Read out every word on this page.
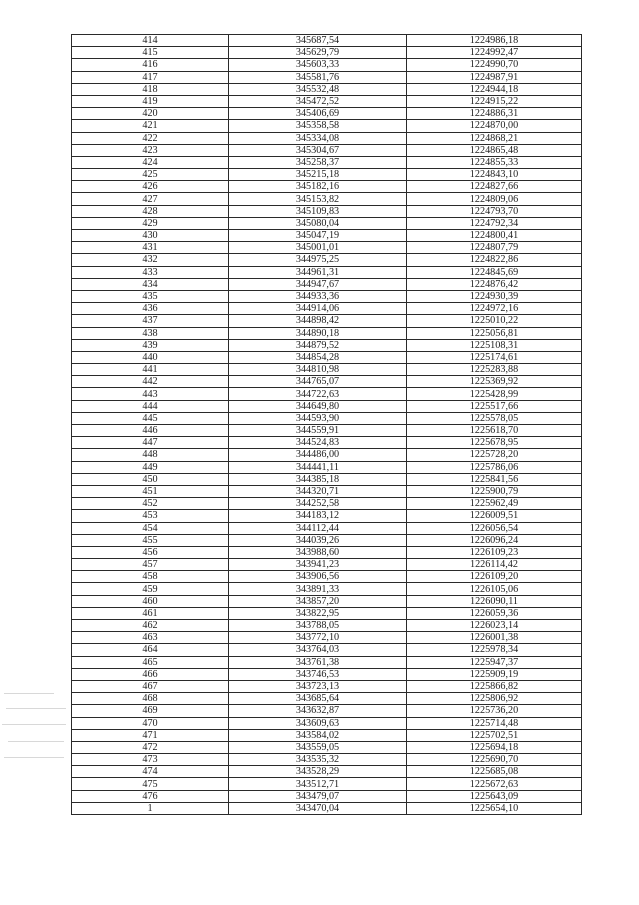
414	345687,54	1224986,18
415	345629,79	1224992,47
416	345603,33	1224990,70
417	345581,76	1224987,91
418	345532,48	1224944,18
419	345472,52	1224915,22
420	345406,69	1224886,31
421	345358,58	1224870,00
422	345334,08	1224868,21
423	345304,67	1224865,48
424	345258,37	1224855,33
425	345215,18	1224843,10
426	345182,16	1224827,66
427	345153,82	1224809,06
428	345109,83	1224793,70
429	345080,04	1224792,34
430	345047,19	1224800,41
431	345001,01	1224807,79
432	344975,25	1224822,86
433	344961,31	1224845,69
434	344947,67	1224876,42
435	344933,36	1224930,39
436	344914,06	1224972,16
437	344898,42	1225010,22
438	344890,18	1225056,81
439	344879,52	1225108,31
440	344854,28	1225174,61
441	344810,98	1225283,88
442	344765,07	1225369,92
443	344722,63	1225428,99
444	344649,80	1225517,66
445	344593,90	1225578,05
446	344559,91	1225618,70
447	344524,83	1225678,95
448	344486,00	1225728,20
449	344441,11	1225786,06
450	344385,18	1225841,56
451	344320,71	1225900,79
452	344252,58	1225962,49
453	344183,12	1226009,51
454	344112,44	1226056,54
455	344039,26	1226096,24
456	343988,60	1226109,23
457	343941,23	1226114,42
458	343906,56	1226109,20
459	343891,33	1226105,06
460	343857,20	1226090,11
461	343822,95	1226059,36
462	343788,05	1226023,14
463	343772,10	1226001,38
464	343764,03	1225978,34
465	343761,38	1225947,37
466	343746,53	1225909,19
467	343723,13	1225866,82
468	343685,64	1225806,92
469	343632,87	1225736,20
470	343609,63	1225714,48
471	343584,02	1225702,51
472	343559,05	1225694,18
473	343535,32	1225690,70
474	343528,29	1225685,08
475	343512,71	1225672,63
476	343479,07	1225643,09
1	343470,04	1225654,10
